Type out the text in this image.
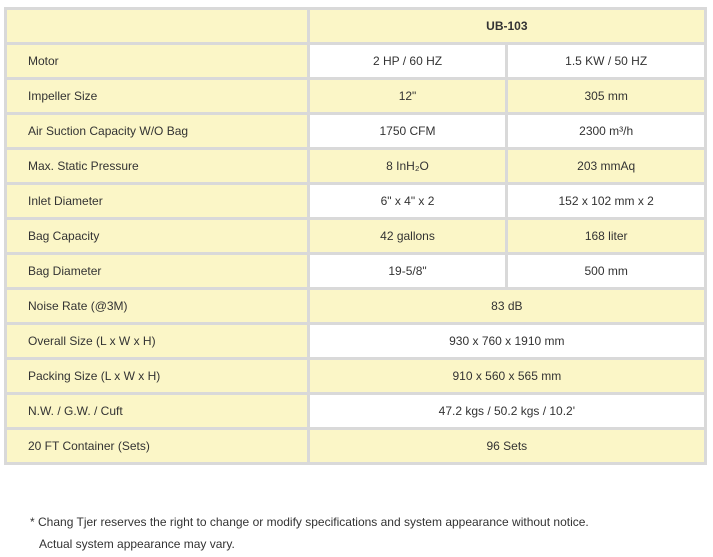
	UB-103	
Motor	2 HP / 60 HZ	1.5 KW / 50 HZ
Impeller Size	12"	305 mm
Air Suction Capacity W/O Bag	1750 CFM	2300 m³/h
Max. Static Pressure	8 InH₂O	203 mmAq
Inlet Diameter	6" x 4" x 2	152 x 102 mm x 2
Bag Capacity	42 gallons	168 liter
Bag Diameter	19-5/8"	500 mm
Noise Rate (@3M)	83 dB	
Overall Size (L x W x H)	930 x 760 x 1910 mm	
Packing Size (L x W x H)	910 x 560 x 565 mm	
N.W. / G.W. / Cuft	47.2 kgs / 50.2 kgs / 10.2'	
20 FT Container (Sets)	96 Sets	
* Chang Tjer reserves the right to change or modify specifications and system appearance without notice.
Actual system appearance may vary.
